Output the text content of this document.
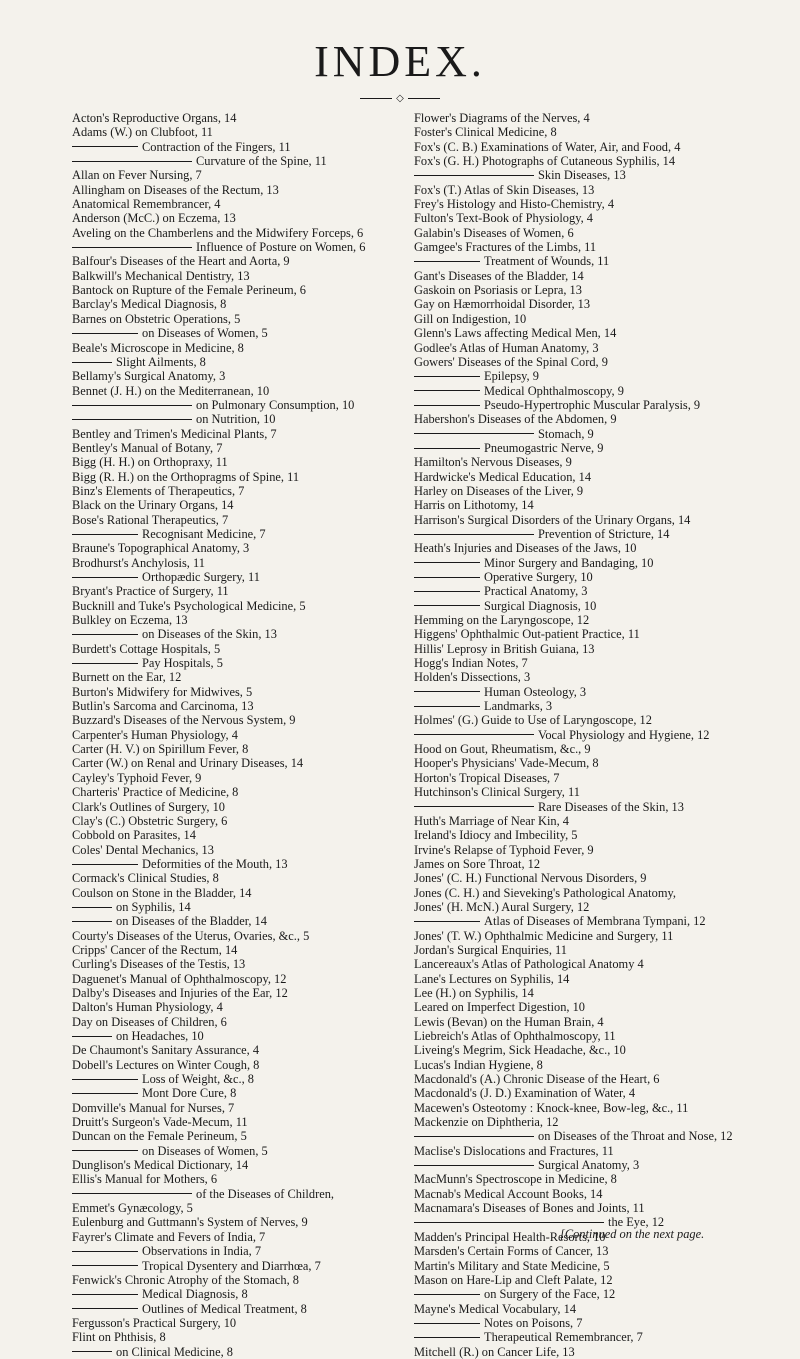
INDEX.
◇
Acton's Reproductive Organs, 14
Adams (W.) on Clubfoot, 11
Contraction of the Fingers, 11
Curvature of the Spine, 11
Allan on Fever Nursing, 7
Allingham on Diseases of the Rectum, 13
Anatomical Remembrancer, 4
Anderson (McC.) on Eczema, 13
Aveling on the Chamberlens and the Midwifery Forceps, 6
Influence of Posture on Women, 6
Balfour's Diseases of the Heart and Aorta, 9
Balkwill's Mechanical Dentistry, 13
Bantock on Rupture of the Female Perineum, 6
Barclay's Medical Diagnosis, 8
Barnes on Obstetric Operations, 5
on Diseases of Women, 5
Beale's Microscope in Medicine, 8
Slight Ailments, 8
Bellamy's Surgical Anatomy, 3
Bennet (J. H.) on the Mediterranean, 10
on Pulmonary Consumption, 10
on Nutrition, 10
Bentley and Trimen's Medicinal Plants, 7
Bentley's Manual of Botany, 7
Bigg (H. H.) on Orthopraxy, 11
Bigg (R. H.) on the Orthopragms of Spine, 11
Binz's Elements of Therapeutics, 7
Black on the Urinary Organs, 14
Bose's Rational Therapeutics, 7
Recognisant Medicine, 7
Braune's Topographical Anatomy, 3
Brodhurst's Anchylosis, 11
Orthopædic Surgery, 11
Bryant's Practice of Surgery, 11
Bucknill and Tuke's Psychological Medicine, 5
Bulkley on Eczema, 13
on Diseases of the Skin, 13
Burdett's Cottage Hospitals, 5
Pay Hospitals, 5
Burnett on the Ear, 12
Burton's Midwifery for Midwives, 5
Butlin's Sarcoma and Carcinoma, 13
Buzzard's Diseases of the Nervous System, 9
Carpenter's Human Physiology, 4
Carter (H. V.) on Spirillum Fever, 8
Carter (W.) on Renal and Urinary Diseases, 14
Cayley's Typhoid Fever, 9
Charteris' Practice of Medicine, 8
Clark's Outlines of Surgery, 10
Clay's (C.) Obstetric Surgery, 6
Cobbold on Parasites, 14
Coles' Dental Mechanics, 13
Deformities of the Mouth, 13
Cormack's Clinical Studies, 8
Coulson on Stone in the Bladder, 14
on Syphilis, 14
on Diseases of the Bladder, 14
Courty's Diseases of the Uterus, Ovaries, &c., 5
Cripps' Cancer of the Rectum, 14
Curling's Diseases of the Testis, 13
Daguenet's Manual of Ophthalmoscopy, 12
Dalby's Diseases and Injuries of the Ear, 12
Dalton's Human Physiology, 4
Day on Diseases of Children, 6
on Headaches, 10
De Chaumont's Sanitary Assurance, 4
Dobell's Lectures on Winter Cough, 8
Loss of Weight, &c., 8
Mont Dore Cure, 8
Domville's Manual for Nurses, 7
Druitt's Surgeon's Vade-Mecum, 11
Duncan on the Female Perineum, 5
on Diseases of Women, 5
Dunglison's Medical Dictionary, 14
Ellis's Manual for Mothers, 6
of the Diseases of Children,
Emmet's Gynæcology, 5
Eulenburg and Guttmann's System of Nerves, 9
Fayrer's Climate and Fevers of India, 7
Observations in India, 7
Tropical Dysentery and Diarrhœa, 7
Fenwick's Chronic Atrophy of the Stomach, 8
Medical Diagnosis, 8
Outlines of Medical Treatment, 8
Fergusson's Practical Surgery, 10
Flint on Phthisis, 8
on Clinical Medicine, 8
Flower's Diagrams of the Nerves, 4
Foster's Clinical Medicine, 8
Fox's (C. B.) Examinations of Water, Air, and Food, 4
Fox's (G. H.) Photographs of Cutaneous Syphilis, 14
Skin Diseases, 13
Fox's (T.) Atlas of Skin Diseases, 13
Frey's Histology and Histo-Chemistry, 4
Fulton's Text-Book of Physiology, 4
Galabin's Diseases of Women, 6
Gamgee's Fractures of the Limbs, 11
Treatment of Wounds, 11
Gant's Diseases of the Bladder, 14
Gaskoin on Psoriasis or Lepra, 13
Gay on Hæmorrhoidal Disorder, 13
Gill on Indigestion, 10
Glenn's Laws affecting Medical Men, 14
Godlee's Atlas of Human Anatomy, 3
Gowers' Diseases of the Spinal Cord, 9
Epilepsy, 9
Medical Ophthalmoscopy, 9
Pseudo-Hypertrophic Muscular Paralysis, 9
Habershon's Diseases of the Abdomen, 9
Stomach, 9
Pneumogastric Nerve, 9
Hamilton's Nervous Diseases, 9
Hardwicke's Medical Education, 14
Harley on Diseases of the Liver, 9
Harris on Lithotomy, 14
Harrison's Surgical Disorders of the Urinary Organs, 14
Prevention of Stricture, 14
Heath's Injuries and Diseases of the Jaws, 10
Minor Surgery and Bandaging, 10
Operative Surgery, 10
Practical Anatomy, 3
Surgical Diagnosis, 10
Hemming on the Laryngoscope, 12
Higgens' Ophthalmic Out-patient Practice, 11
Hillis' Leprosy in British Guiana, 13
Hogg's Indian Notes, 7
Holden's Dissections, 3
Human Osteology, 3
Landmarks, 3
Holmes' (G.) Guide to Use of Laryngoscope, 12
Vocal Physiology and Hygiene, 12
Hood on Gout, Rheumatism, &c., 9
Hooper's Physicians' Vade-Mecum, 8
Horton's Tropical Diseases, 7
Hutchinson's Clinical Surgery, 11
Rare Diseases of the Skin, 13
Huth's Marriage of Near Kin, 4
Ireland's Idiocy and Imbecility, 5
Irvine's Relapse of Typhoid Fever, 9
James on Sore Throat, 12
Jones' (C. H.) Functional Nervous Disorders, 9
Jones (C. H.) and Sieveking's Pathological Anatomy,
Jones' (H. McN.) Aural Surgery, 12
Atlas of Diseases of Membrana Tympani, 12
Jones' (T. W.) Ophthalmic Medicine and Surgery, 11
Jordan's Surgical Enquiries, 11
Lancereaux's Atlas of Pathological Anatomy 4
Lane's Lectures on Syphilis, 14
Lee (H.) on Syphilis, 14
Leared on Imperfect Digestion, 10
Lewis (Bevan) on the Human Brain, 4
Liebreich's Atlas of Ophthalmoscopy, 11
Liveing's Megrim, Sick Headache, &c., 10
Lucas's Indian Hygiene, 8
Macdonald's (A.) Chronic Disease of the Heart, 6
Macdonald's (J. D.) Examination of Water, 4
Macewen's Osteotomy : Knock-knee, Bow-leg, &c., 11
Mackenzie on Diphtheria, 12
on Diseases of the Throat and Nose, 12
Maclise's Dislocations and Fractures, 11
Surgical Anatomy, 3
MacMunn's Spectroscope in Medicine, 8
Macnab's Medical Account Books, 14
Macnamara's Diseases of Bones and Joints, 11
the Eye, 12
Madden's Principal Health-Resorts, 10
Marsden's Certain Forms of Cancer, 13
Martin's Military and State Medicine, 5
Mason on Hare-Lip and Cleft Palate, 12
on Surgery of the Face, 12
Mayne's Medical Vocabulary, 14
Notes on Poisons, 7
Therapeutical Remembrancer, 7
Mitchell (R.) on Cancer Life, 13
[Continued on the next page.
